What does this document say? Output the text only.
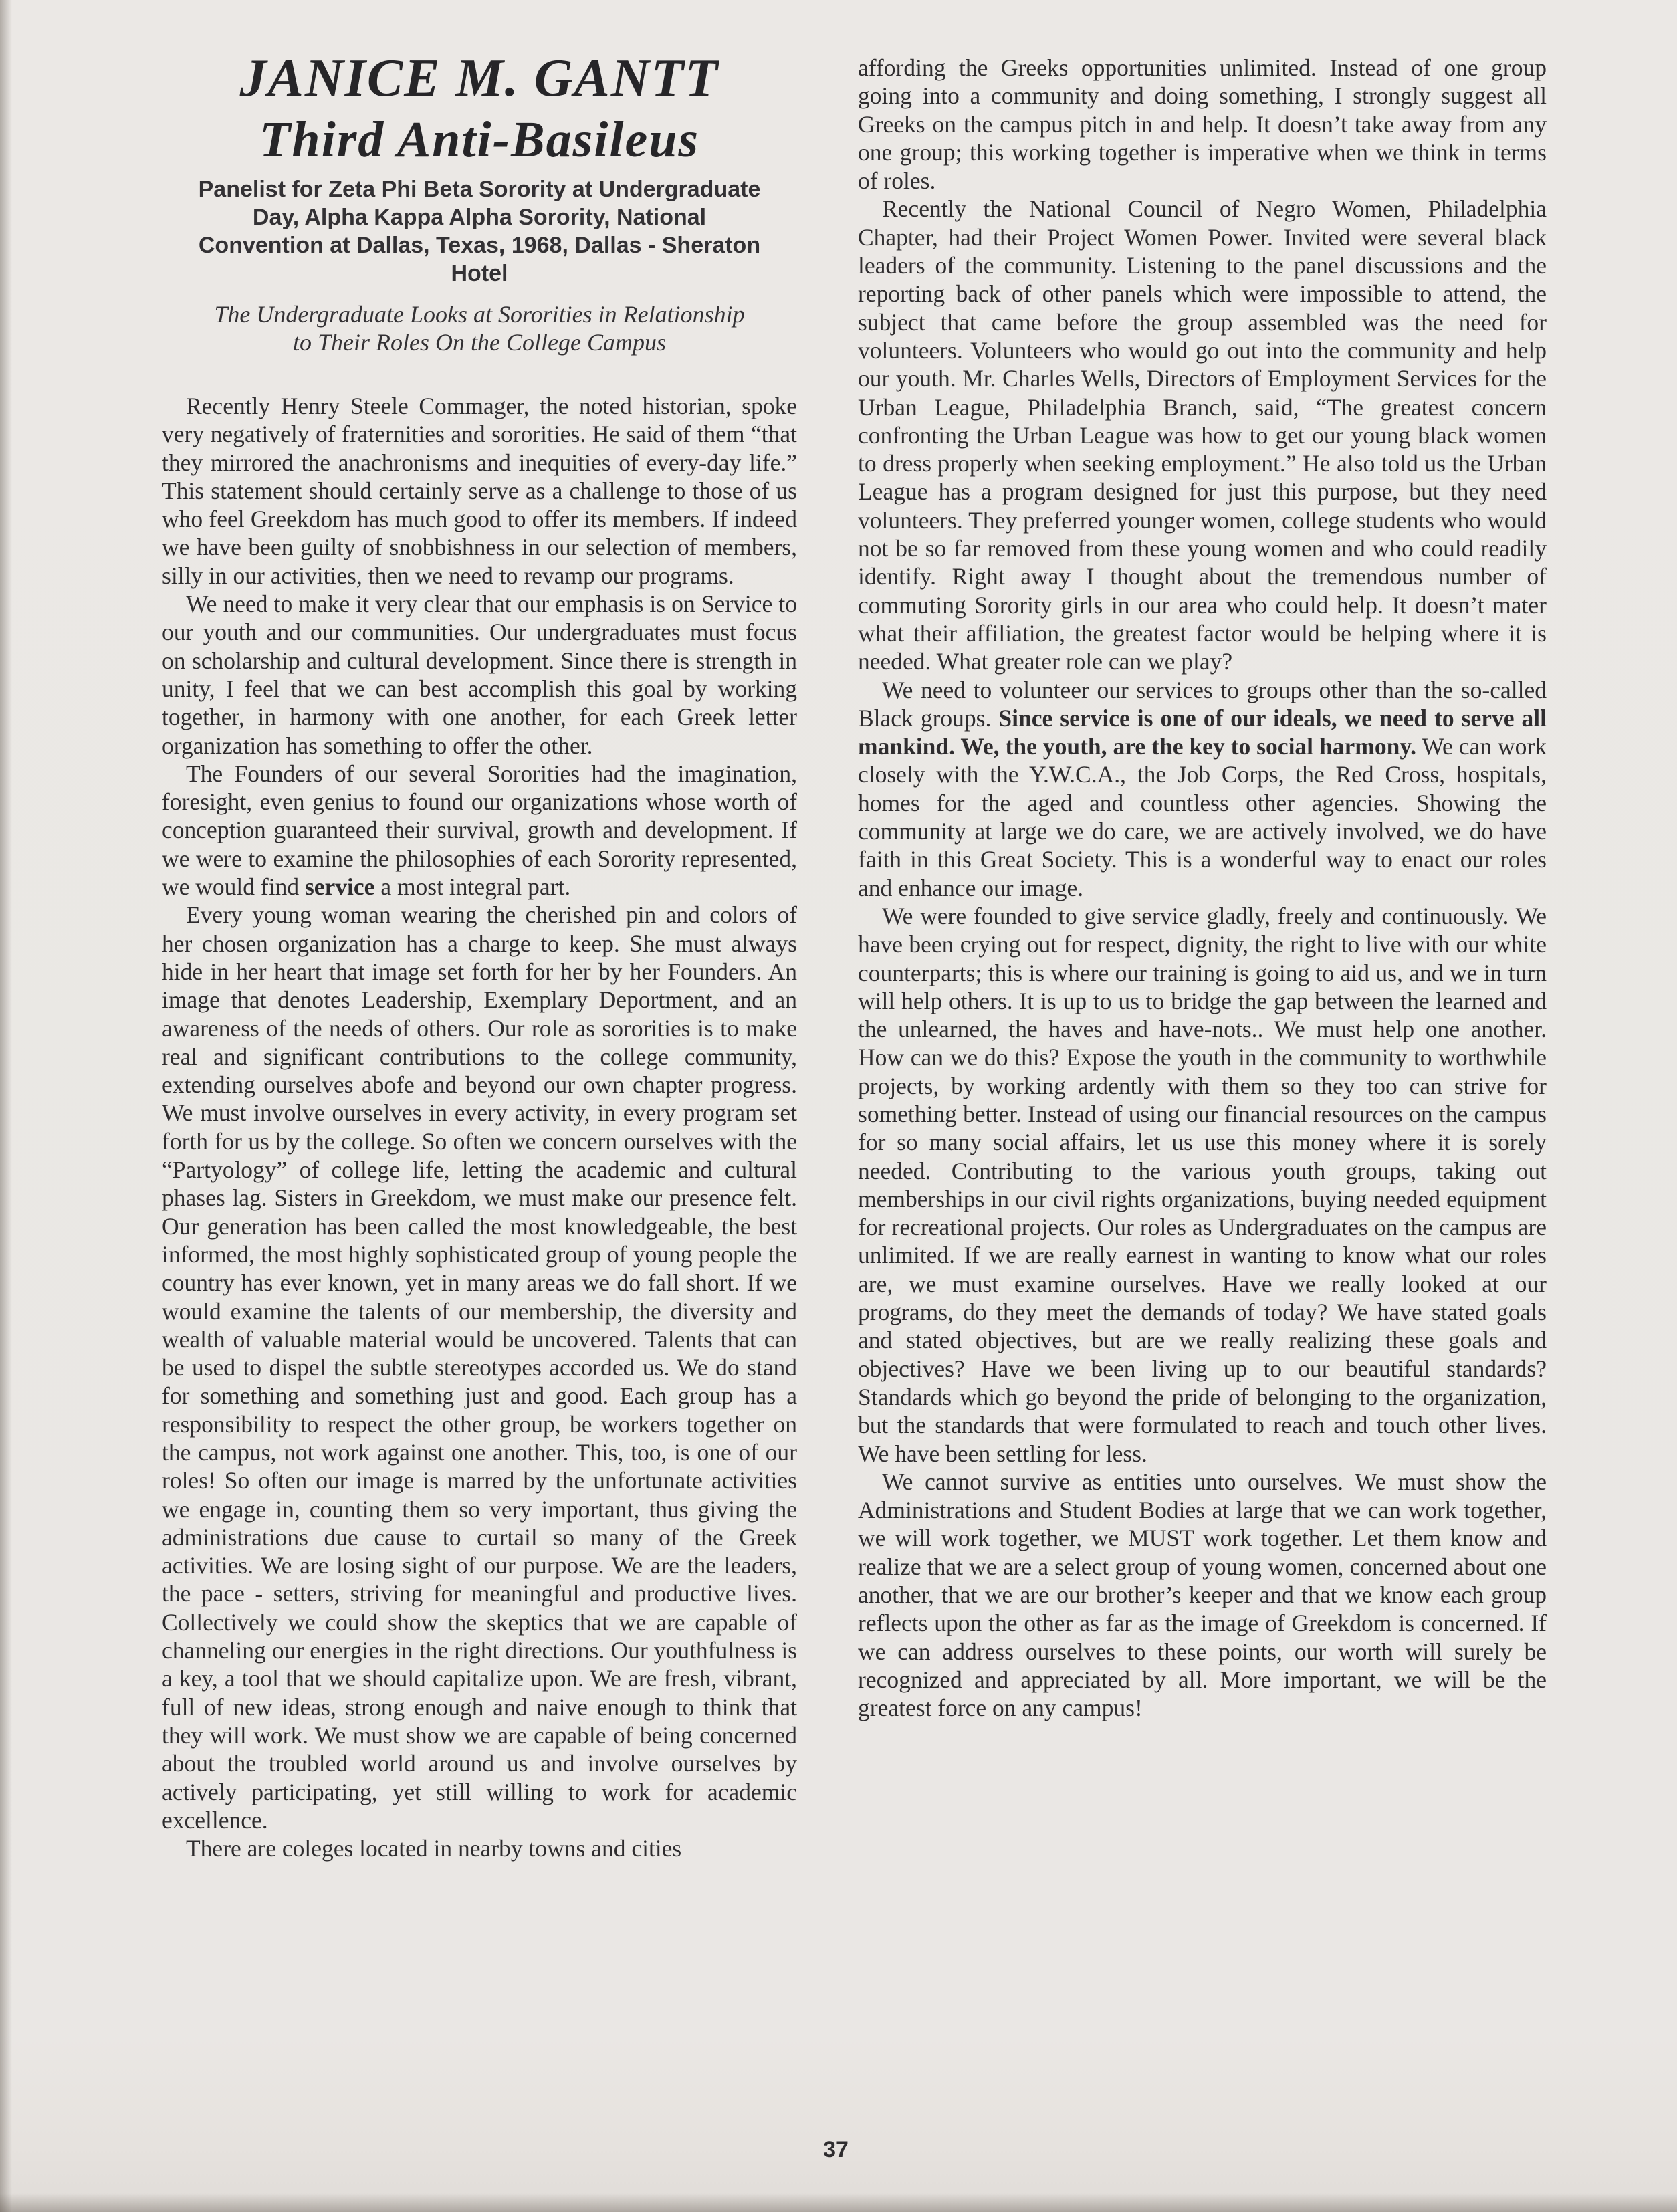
JANICE M. GANTT
Third Anti-Basileus
Panelist for Zeta Phi Beta Sorority at Undergraduate Day, Alpha Kappa Alpha Sorority, National Convention at Dallas, Texas, 1968, Dallas - Sheraton Hotel
The Undergraduate Looks at Sororities in Relationship to Their Roles On the College Campus

Recently Henry Steele Commager, the noted historian, spoke very negatively of fraternities and sororities. He said of them “that they mirrored the anachronisms and inequities of every-day life.” This statement should certainly serve as a challenge to those of us who feel Greekdom has much good to offer its members. If indeed we have been guilty of snobbishness in our selection of members, silly in our activities, then we need to revamp our programs.

We need to make it very clear that our emphasis is on Service to our youth and our communities. Our undergraduates must focus on scholarship and cultural development. Since there is strength in unity, I feel that we can best accomplish this goal by working together, in harmony with one another, for each Greek letter organization has something to offer the other.

The Founders of our several Sororities had the imagination, foresight, even genius to found our organizations whose worth of conception guaranteed their survival, growth and development. If we were to examine the philosophies of each Sorority represented, we would find service a most integral part.

Every young woman wearing the cherished pin and colors of her chosen organization has a charge to keep. She must always hide in her heart that image set forth for her by her Founders. An image that denotes Leadership, Exemplary Deportment, and an awareness of the needs of others. Our role as sororities is to make real and significant contributions to the college community, extending ourselves abofe and beyond our own chapter progress. We must involve ourselves in every activity, in every program set forth for us by the college. So often we concern ourselves with the “Partyology” of college life, letting the academic and cultural phases lag. Sisters in Greekdom, we must make our presence felt. Our generation has been called the most knowledgeable, the best informed, the most highly sophisticated group of young people the country has ever known, yet in many areas we do fall short. If we would examine the talents of our membership, the diversity and wealth of valuable material would be uncovered. Talents that can be used to dispel the subtle stereotypes accorded us. We do stand for something and something just and good. Each group has a responsibility to respect the other group, be workers together on the campus, not work against one another. This, too, is one of our roles! So often our image is marred by the unfortunate activities we engage in, counting them so very important, thus giving the administrations due cause to curtail so many of the Greek activities. We are losing sight of our purpose. We are the leaders, the pace - setters, striving for meaningful and productive lives. Collectively we could show the skeptics that we are capable of channeling our energies in the right directions. Our youthfulness is a key, a tool that we should capitalize upon. We are fresh, vibrant, full of new ideas, strong enough and naive enough to think that they will work. We must show we are capable of being concerned about the troubled world around us and involve ourselves by actively participating, yet still willing to work for academic excellence.

There are coleges located in nearby towns and cities

affording the Greeks opportunities unlimited. Instead of one group going into a community and doing something, I strongly suggest all Greeks on the campus pitch in and help. It doesn’t take away from any one group; this working together is imperative when we think in terms of roles.

Recently the National Council of Negro Women, Philadelphia Chapter, had their Project Women Power. Invited were several black leaders of the community. Listening to the panel discussions and the reporting back of other panels which were impossible to attend, the subject that came before the group assembled was the need for volunteers. Volunteers who would go out into the community and help our youth. Mr. Charles Wells, Directors of Employment Services for the Urban League, Philadelphia Branch, said, “The greatest concern confronting the Urban League was how to get our young black women to dress properly when seeking employment.” He also told us the Urban League has a program designed for just this purpose, but they need volunteers. They preferred younger women, college students who would not be so far removed from these young women and who could readily identify. Right away I thought about the tremendous number of commuting Sorority girls in our area who could help. It doesn’t mater what their affiliation, the greatest factor would be helping where it is needed. What greater role can we play?

We need to volunteer our services to groups other than the so-called Black groups. Since service is one of our ideals, we need to serve all mankind. We, the youth, are the key to social harmony. We can work closely with the Y.W.C.A., the Job Corps, the Red Cross, hospitals, homes for the aged and countless other agencies. Showing the community at large we do care, we are actively involved, we do have faith in this Great Society. This is a wonderful way to enact our roles and enhance our image.

We were founded to give service gladly, freely and continuously. We have been crying out for respect, dignity, the right to live with our white counterparts; this is where our training is going to aid us, and we in turn will help others. It is up to us to bridge the gap between the learned and the unlearned, the haves and have-nots.. We must help one another. How can we do this? Expose the youth in the community to worthwhile projects, by working ardently with them so they too can strive for something better. Instead of using our financial resources on the campus for so many social affairs, let us use this money where it is sorely needed. Contributing to the various youth groups, taking out memberships in our civil rights organizations, buying needed equipment for recreational projects. Our roles as Undergraduates on the campus are unlimited. If we are really earnest in wanting to know what our roles are, we must examine ourselves. Have we really looked at our programs, do they meet the demands of today? We have stated goals and stated objectives, but are we really realizing these goals and objectives? Have we been living up to our beautiful standards? Standards which go beyond the pride of belonging to the organization, but the standards that were formulated to reach and touch other lives. We have been settling for less.

We cannot survive as entities unto ourselves. We must show the Administrations and Student Bodies at large that we can work together, we will work together, we MUST work together. Let them know and realize that we are a select group of young women, concerned about one another, that we are our brother’s keeper and that we know each group reflects upon the other as far as the image of Greekdom is concerned. If we can address ourselves to these points, our worth will surely be recognized and appreciated by all. More important, we will be the greatest force on any campus!

37
